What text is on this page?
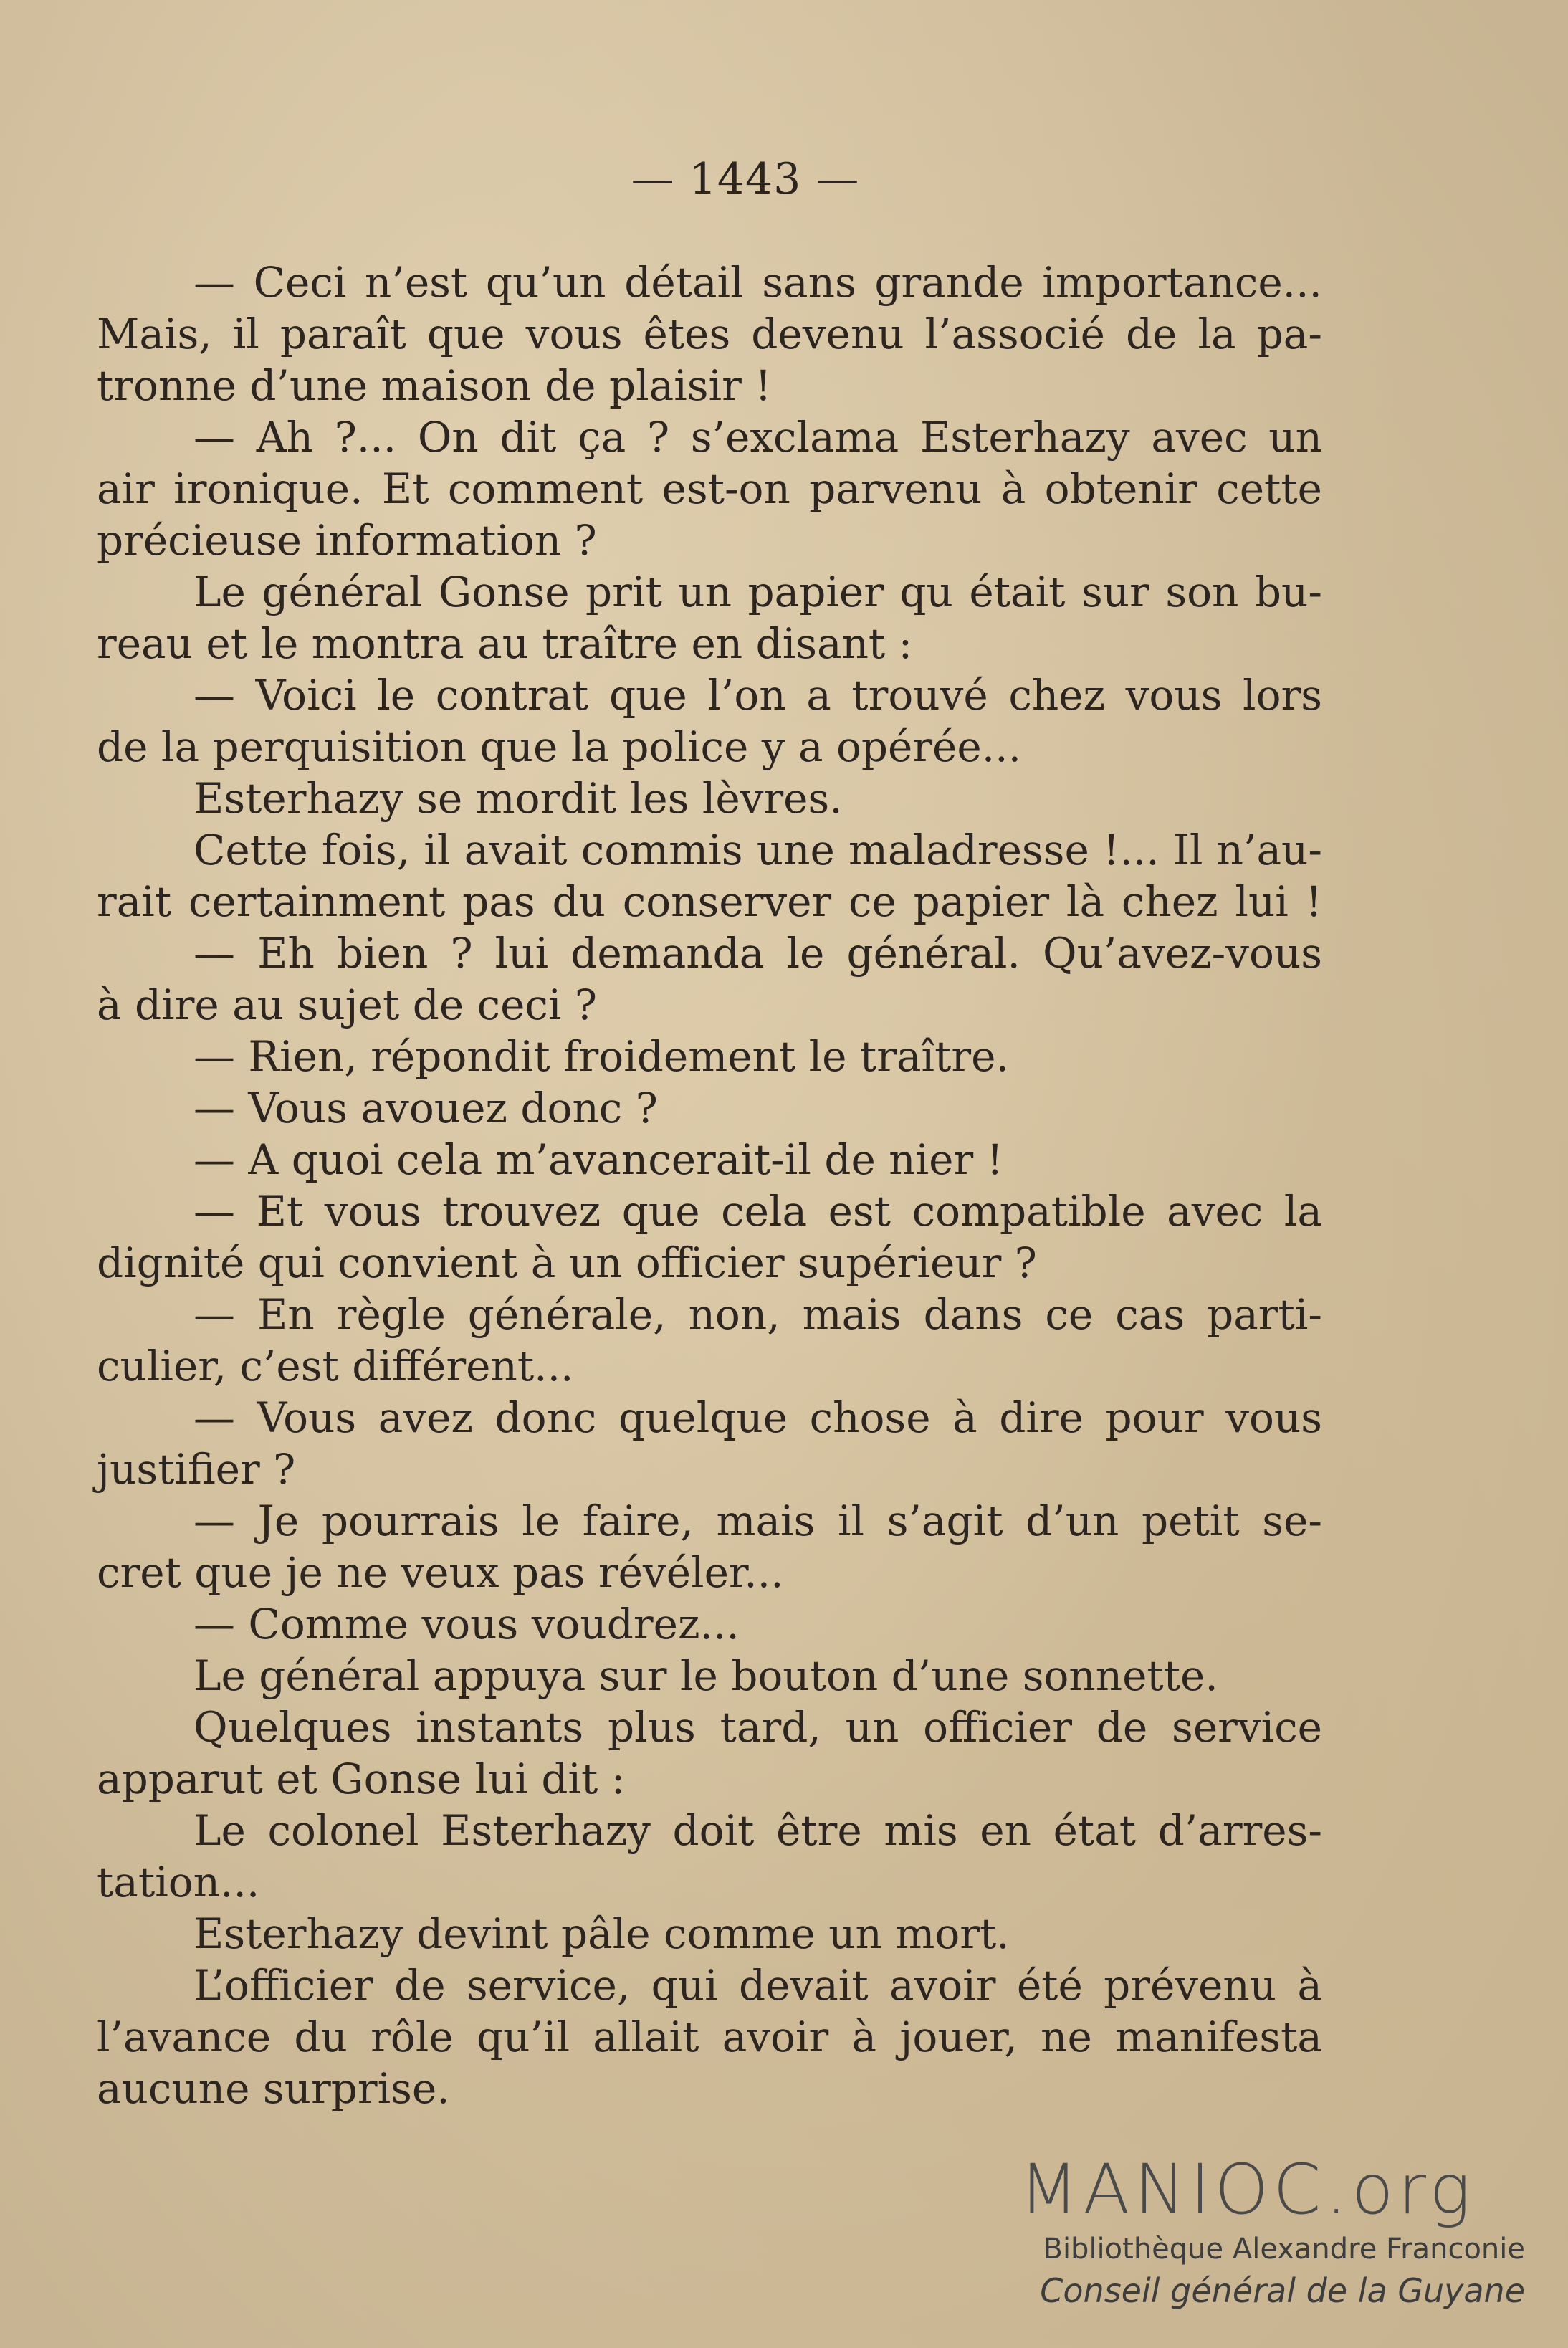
— 1443 —
— Ceci n’est qu’un détail sans grande importance...
Mais, il paraît que vous êtes devenu l’associé de la pa-
tronne d’une maison de plaisir !
— Ah ?... On dit ça ? s’exclama Esterhazy avec un
air ironique. Et comment est-on parvenu à obtenir cette
précieuse information ?
Le général Gonse prit un papier qu était sur son bu-
reau et le montra au traître en disant :
— Voici le contrat que l’on a trouvé chez vous lors
de la perquisition que la police y a opérée...
Esterhazy se mordit les lèvres.
Cette fois, il avait commis une maladresse !... Il n’au-
rait certainment pas du conserver ce papier là chez lui !
— Eh bien ? lui demanda le général. Qu’avez-vous
à dire au sujet de ceci ?
— Rien, répondit froidement le traître.
— Vous avouez donc ?
— A quoi cela m’avancerait-il de nier !
— Et vous trouvez que cela est compatible avec la
dignité qui convient à un officier supérieur ?
— En règle générale, non, mais dans ce cas parti-
culier, c’est différent...
— Vous avez donc quelque chose à dire pour vous
justifier ?
— Je pourrais le faire, mais il s’agit d’un petit se-
cret que je ne veux pas révéler...
— Comme vous voudrez...
Le général appuya sur le bouton d’une sonnette.
Quelques instants plus tard, un officier de service
apparut et Gonse lui dit :
Le colonel Esterhazy doit être mis en état d’arres-
tation...
Esterhazy devint pâle comme un mort.
L’officier de service, qui devait avoir été prévenu à
l’avance du rôle qu’il allait avoir à jouer, ne manifesta
aucune surprise.
MANIOC.org
Bibliothèque Alexandre Franconie
Conseil général de la Guyane
